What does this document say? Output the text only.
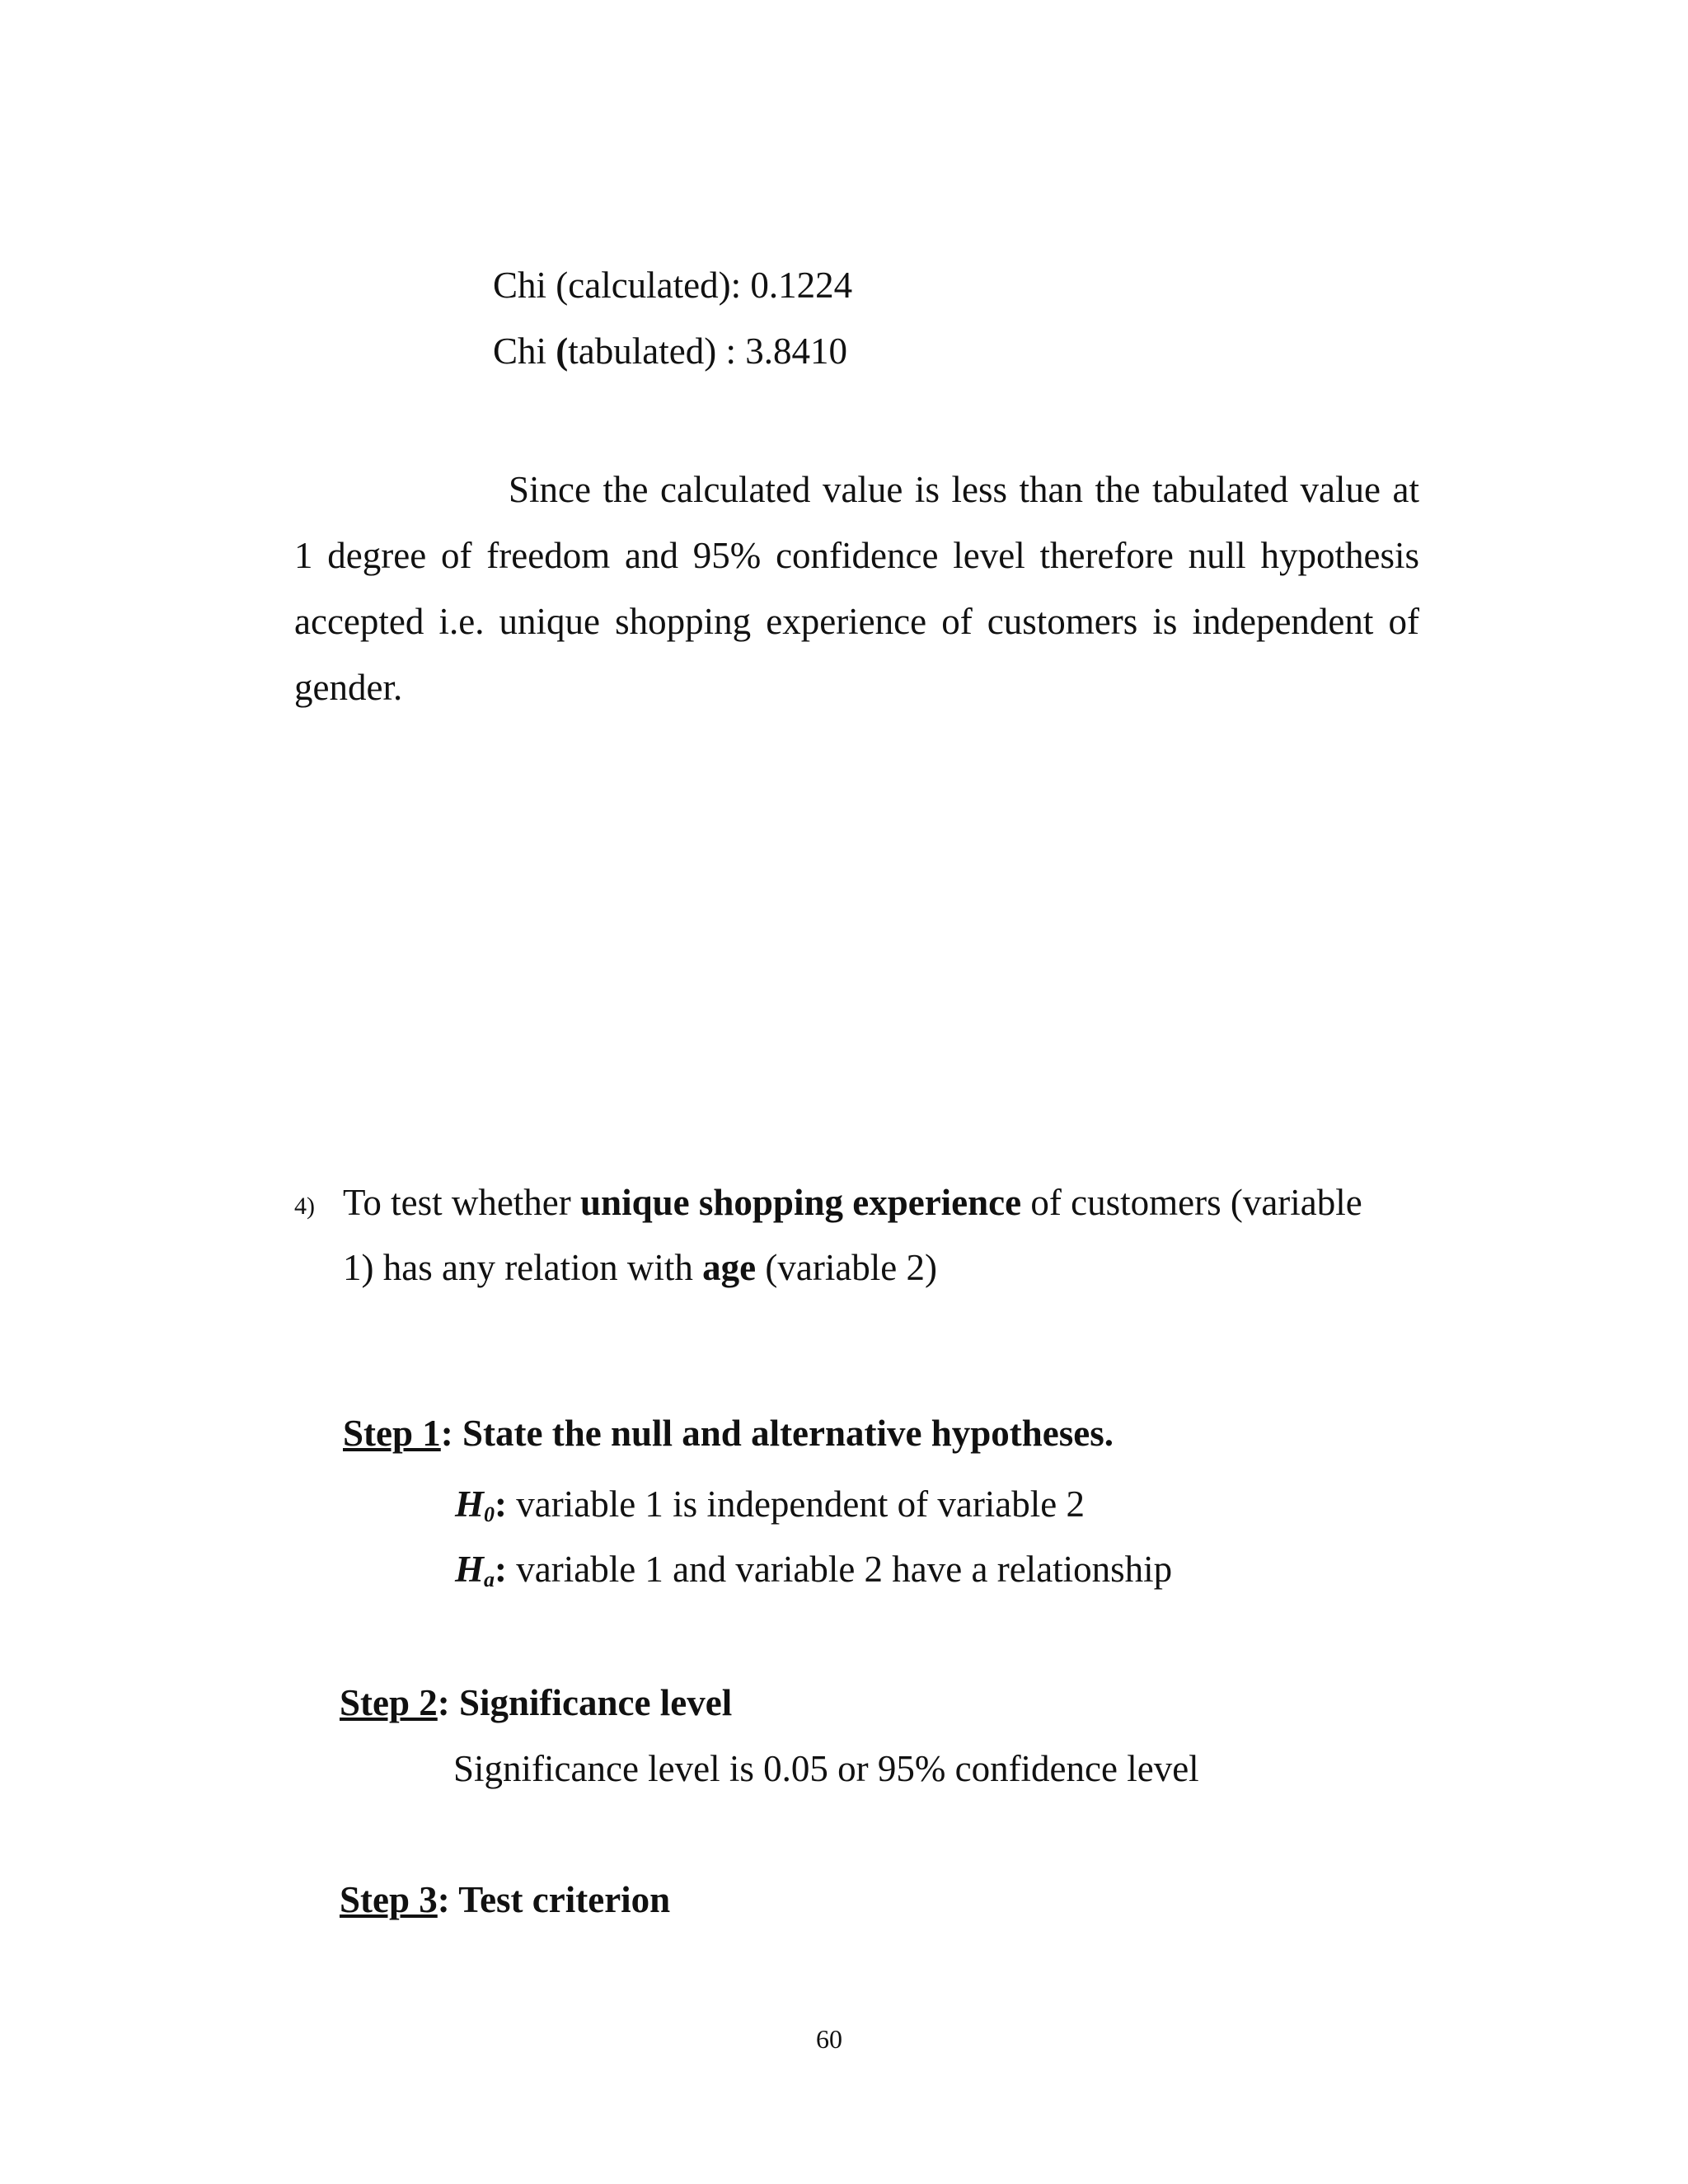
Chi (calculated): 0.1224
Chi (tabulated) : 3.8410
Since the calculated value is less than the tabulated value at 1 degree of freedom and 95% confidence level therefore null hypothesis accepted i.e. unique shopping experience of customers is independent of gender.
4) To test whether unique shopping experience of customers (variable
1) has any relation with age (variable 2)
Step 1: State the null and alternative hypotheses.
$H_0$: variable 1 is independent of variable 2
$H_a$: variable 1 and variable 2 have a relationship
Step 2: Significance level
Significance level is 0.05 or 95% confidence level
Step 3: Test criterion
60
